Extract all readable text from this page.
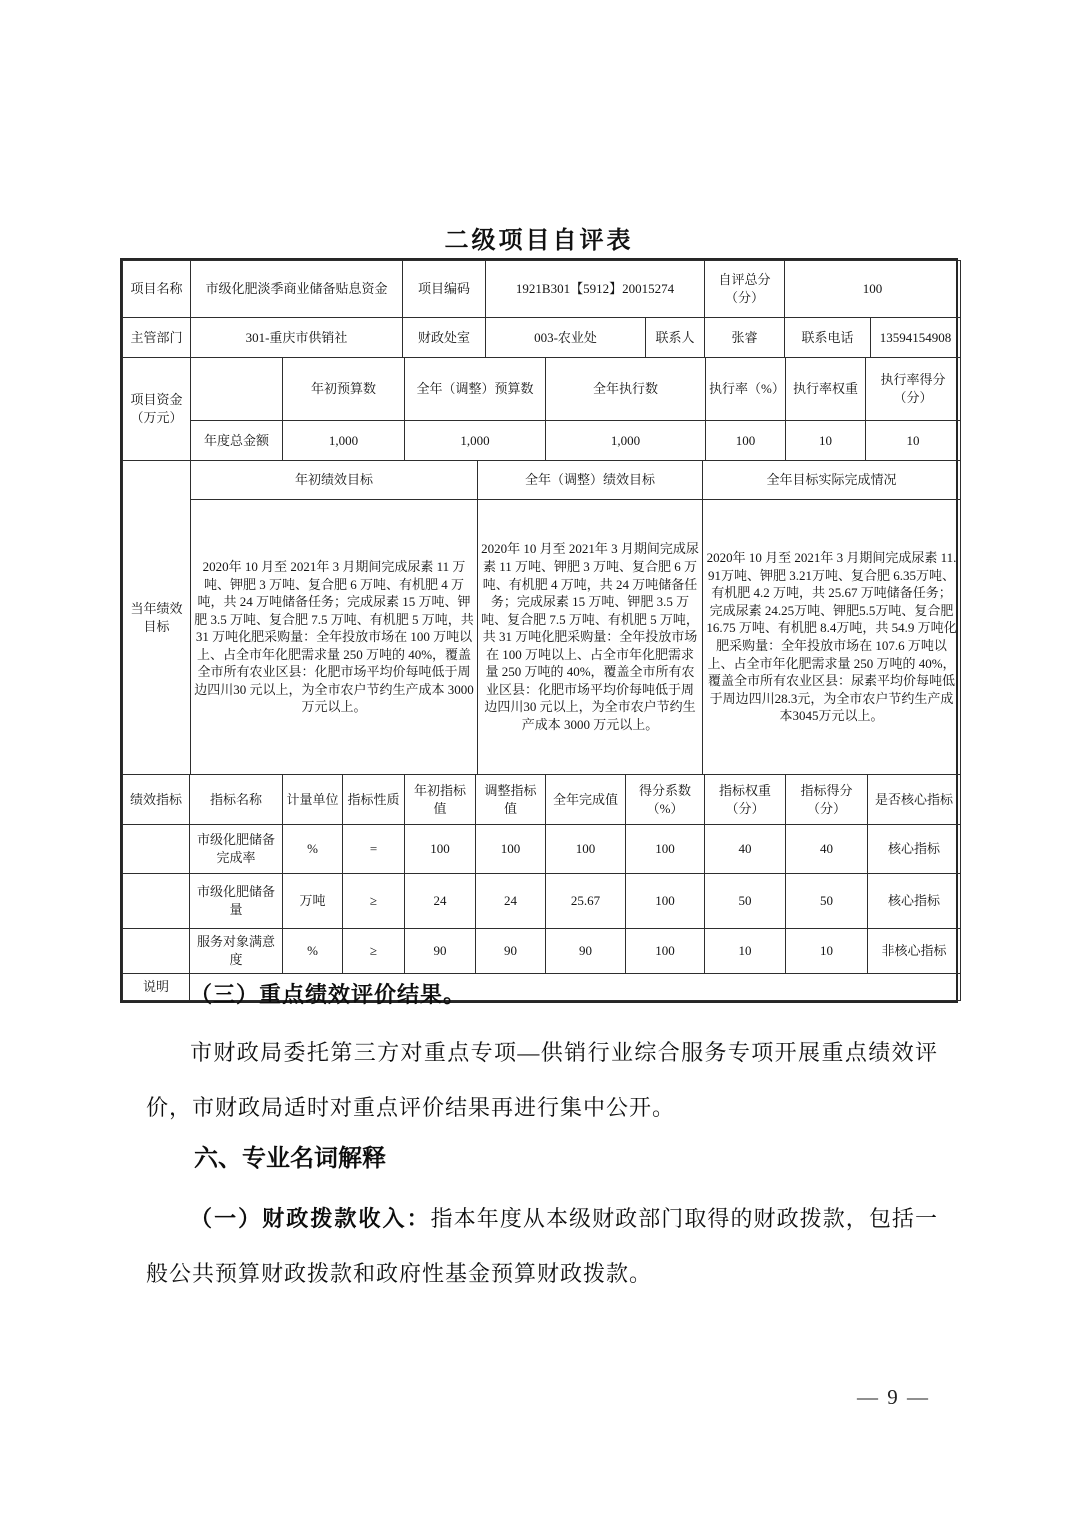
二级项目自评表
项目名称	市级化肥淡季商业储备贴息资金	项目编码	1921B301【5912】20015274		自评总分（分）	100	
主管部门	301-重庆市供销社	财政处室	003-农业处	联系人	张睿	联系电话	13594154908
项目资金（万元）		年初预算数	全年（调整）预算数	全年执行数	执行率（%）	执行率权重	执行率得分（分）
	年度总金额	1,000	1,000	1,000	100	10	10
当年绩效目标	年初绩效目标	全年（调整）绩效目标	全年目标实际完成情况
2020年 10 月至 2021年 3 月期间完成尿素 11 万吨、钾肥 3 万吨、复合肥 6 万吨、有机肥 4 万吨，共 24 万吨储备任务；完成尿素 15 万吨、钾肥 3.5 万吨、复合肥 7.5 万吨、有机肥 5 万吨，共 31 万吨化肥采购量：全年投放市场在 100 万吨以上、占全市年化肥需求量 250 万吨的 40%，覆盖全市所有农业区县：化肥市场平均价每吨低于周边四川30 元以上，为全市农户节约生产成本 3000 万元以上。	2020年 10 月至 2021年 3 月期间完成尿素 11 万吨、钾肥 3 万吨、复合肥 6 万吨、有机肥 4 万吨，共 24 万吨储备任务；完成尿素 15 万吨、钾肥 3.5 万吨、复合肥 7.5 万吨、有机肥 5 万吨，共 31 万吨化肥采购量：全年投放市场在 100 万吨以上、占全市年化肥需求量 250 万吨的 40%，覆盖全市所有农业区县：化肥市场平均价每吨低于周边四川30 元以上，为全市农户节约生产成本 3000 万元以上。	2020年 10 月至 2021年 3 月期间完成尿素 11.91万吨、钾肥 3.21万吨、复合肥 6.35万吨、有机肥 4.2 万吨，共 25.67 万吨储备任务；完成尿素 24.25万吨、钾肥5.5万吨、复合肥 16.75 万吨、有机肥 8.4万吨，共 54.9 万吨化肥采购量：全年投放市场在 107.6 万吨以上、占全市年化肥需求量 250 万吨的 40%，覆盖全市所有农业区县：尿素平均价每吨低于周边四川28.3元，为全市农户节约生产成本3045万元以上。
绩效指标	指标名称	计量单位	指标性质	年初指标值	调整指标值	全年完成值	得分系数（%）	指标权重（分）	指标得分（分）	是否核心指标
	市级化肥储备完成率	%	=	100	100	100	100	40	40	核心指标
	市级化肥储备量	万吨	≥	24	24	25.67	100	50	50	核心指标
	服务对象满意度	%	≥	90	90	90	100	10	10	非核心指标
说明										（三）重点绩效评价结果。

市财政局委托第三方对重点专项—供销行业综合服务专项开展重点绩效评价，市财政局适时对重点评价结果再进行集中公开。

六、专业名词解释

（一）财政拨款收入：指本年度从本级财政部门取得的财政拨款，包括一般公共预算财政拨款和政府性基金预算财政拨款。

— 9 —
